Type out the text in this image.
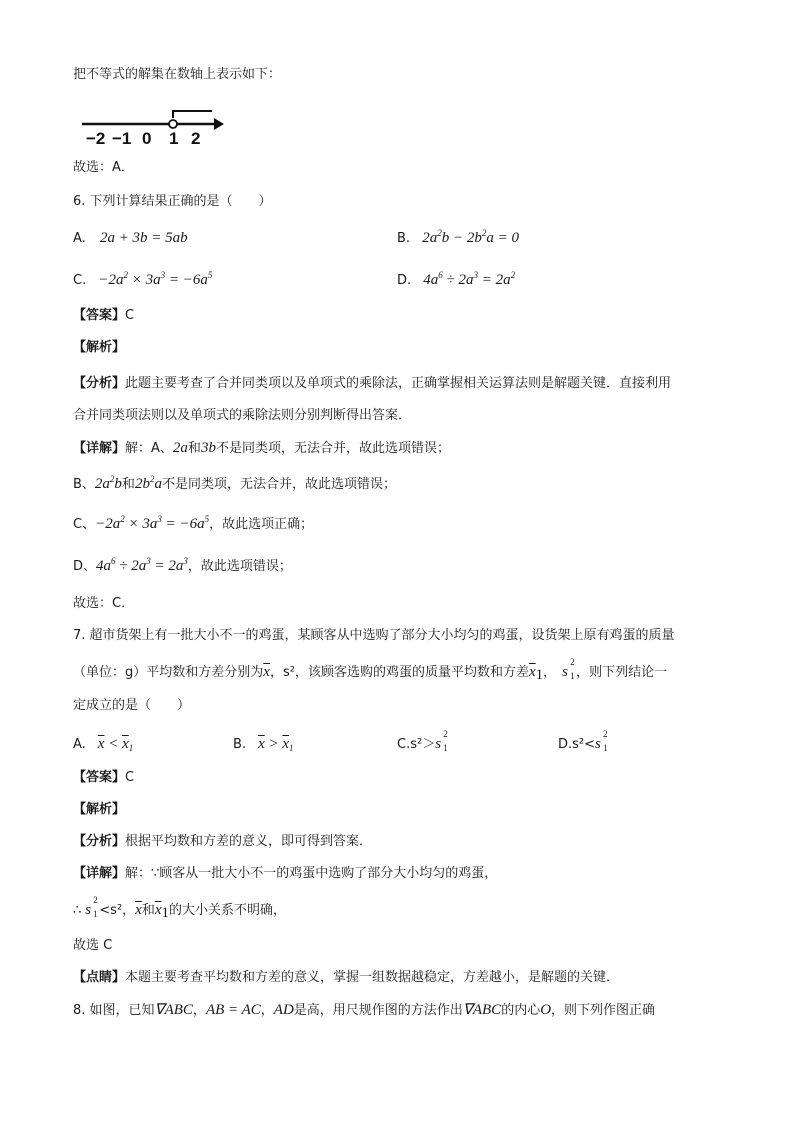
把不等式的解集在数轴上表示如下：
−2 −1 0 1 2
故选：A．
6. 下列计算结果正确的是（　　）
A. 2a + 3b = 5ab	B. $2a^2b - 2b^2a = 0$
C. $-2a^2 \times 3a^3 = -6a^5$	D. $4a^6 \div 2a^3 = 2a^2$
【答案】C
【解析】
【分析】此题主要考查了合并同类项以及单项式的乘除法，正确掌握相关运算法则是解题关键．直接利用
合并同类项法则以及单项式的乘除法则分别判断得出答案．
【详解】解：A、2a和3b不是同类项，无法合并，故此选项错误；
B、$2a^2b$和$2b^2a$不是同类项，无法合并，故此选项错误；
C、$-2a^2 \times 3a^3 = -6a^5$，故此选项正确；
D、$4a^6 \div 2a^3 = 2a^3$，故此选项错误；
故选：C．
7. 超市货架上有一批大小不一的鸡蛋，某顾客从中选购了部分大小均匀的鸡蛋，设货架上原有鸡蛋的质量
（单位：g）平均数和方差分别为$\overline{x}$，s²，该顾客选购的鸡蛋的质量平均数和方差$\overline{x}_1$， s
2
1 ，则下列结论一
定成立的是（　　）
A. $\overline{x} < \overline{x}_1$	B. $\overline{x} > \overline{x}_1$	C.s²＞s
2
1	D.s²<s
2
1
【答案】C
【解析】
【分析】根据平均数和方差的意义，即可得到答案．
【详解】解：∵顾客从一批大小不一的鸡蛋中选购了部分大小均匀的鸡蛋，
∴ s
2
1 <s²，$\overline{x}$和$\overline{x}_1$的大小关系不明确，
故选 C
【点睛】本题主要考查平均数和方差的意义，掌握一组数据越稳定，方差越小，是解题的关键．
8. 如图，已知∇ABC，AB = AC，AD是高，用尺规作图的方法作出∇ABC的内心O，则下列作图正确
